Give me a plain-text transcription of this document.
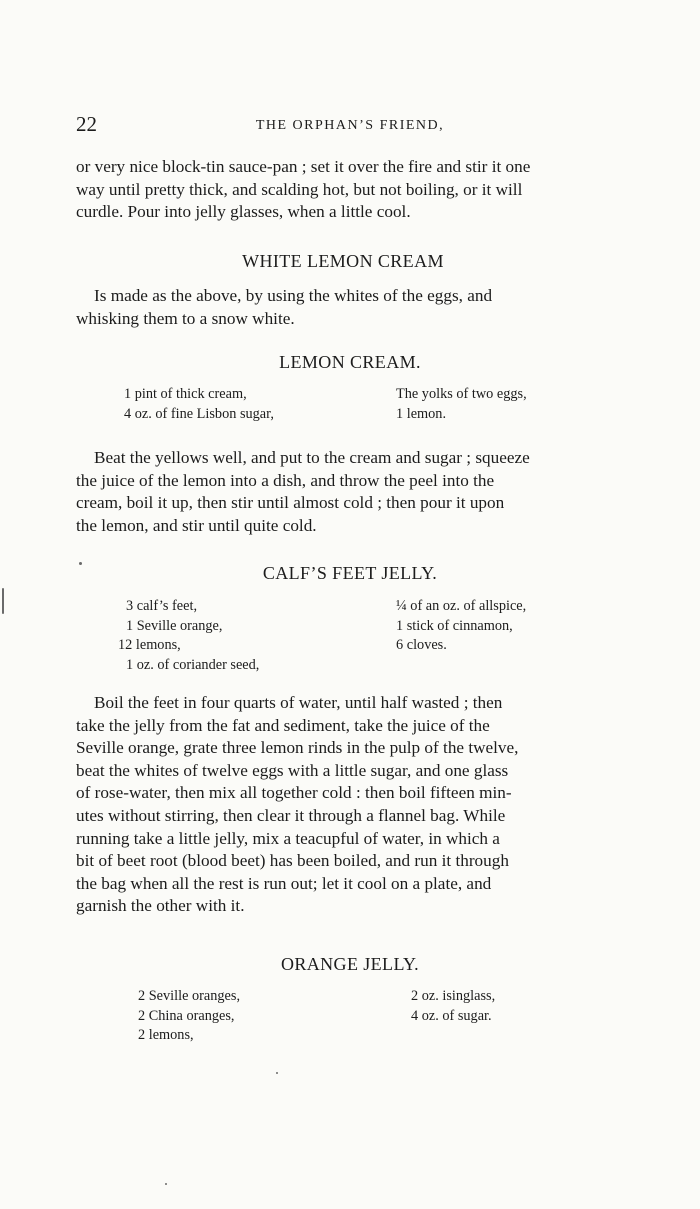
22	THE ORPHAN’S FRIEND,

or very nice block-tin sauce-pan ; set it over the fire and stir it one

way until pretty thick, and scalding hot, but not boiling, or it will

curdle. Pour into jelly glasses, when a little cool.

WHITE LEMON CREAM

Is made as the above, by using the whites of the eggs, and

whisking them to a snow white.

LEMON CREAM.
1 pint of thick cream,
4 oz. of fine Lisbon sugar,
The yolks of two eggs,
1 lemon.

Beat the yellows well, and put to the cream and sugar ; squeeze

the juice of the lemon into a dish, and throw the peel into the

cream, boil it up, then stir until almost cold ; then pour it upon

the lemon, and stir until quite cold.

CALF’S FEET JELLY.
3 calf’s feet,
1 Seville orange,
12 lemons,
1 oz. of coriander seed,
¼ of an oz. of allspice,
1 stick of cinnamon,
6 cloves.

Boil the feet in four quarts of water, until half wasted ; then

take the jelly from the fat and sediment, take the juice of the

Seville orange, grate three lemon rinds in the pulp of the twelve,

beat the whites of twelve eggs with a little sugar, and one glass

of rose-water, then mix all together cold : then boil fifteen min-

utes without stirring, then clear it through a flannel bag. While

running take a little jelly, mix a teacupful of water, in which a

bit of beet root (blood beet) has been boiled, and run it through

the bag when all the rest is run out; let it cool on a plate, and

garnish the other with it.

ORANGE JELLY.
2 Seville oranges,
2 China oranges,
2 lemons,
2 oz. isinglass,
4 oz. of sugar.
